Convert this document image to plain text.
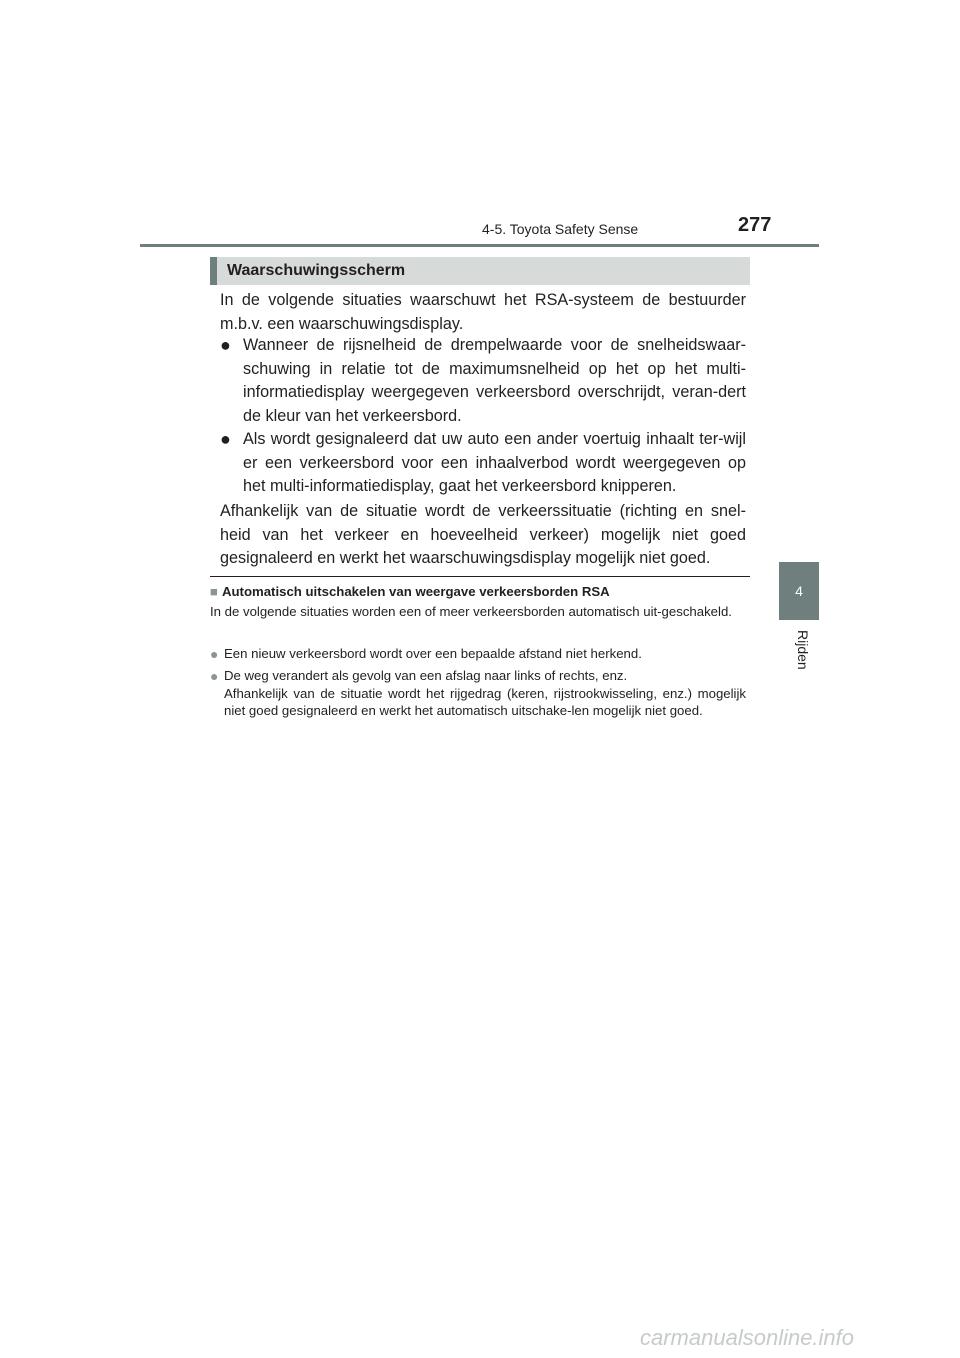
4-5. Toyota Safety Sense	277
4
Rijden
Waarschuwingsscherm

In de volgende situaties waarschuwt het RSA-systeem de bestuurder m.b.v. een waarschuwingsdisplay.

● Wanneer de rijsnelheid de drempelwaarde voor de snelheidswaar-schuwing in relatie tot de maximumsnelheid op het op het multi-informatiedisplay weergegeven verkeersbord overschrijdt, veran-dert de kleur van het verkeersbord.
● Als wordt gesignaleerd dat uw auto een ander voertuig inhaalt ter-wijl er een verkeersbord voor een inhaalverbod wordt weergegeven op het multi-informatiedisplay, gaat het verkeersbord knipperen.

Afhankelijk van de situatie wordt de verkeerssituatie (richting en snel-heid van het verkeer en hoeveelheid verkeer) mogelijk niet goed gesignaleerd en werkt het waarschuwingsdisplay mogelijk niet goed.

■ Automatisch uitschakelen van weergave verkeersborden RSA

In de volgende situaties worden een of meer verkeersborden automatisch uit-geschakeld.

● Een nieuw verkeersbord wordt over een bepaalde afstand niet herkend.
● De weg verandert als gevolg van een afslag naar links of rechts, enz.

Afhankelijk van de situatie wordt het rijgedrag (keren, rijstrookwisseling, enz.) mogelijk niet goed gesignaleerd en werkt het automatisch uitschake-len mogelijk niet goed.

carmanualsonline.info
